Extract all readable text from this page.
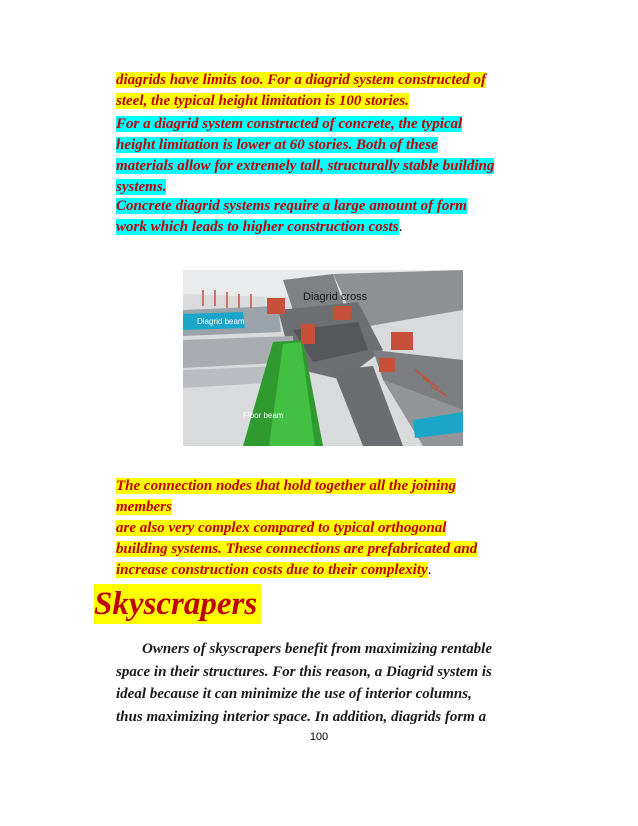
diagrids have limits too. For a diagrid system constructed of
steel, the typical height limitation is 100 stories.
For a diagrid system constructed of concrete, the typical
height limitation is lower at 60 stories. Both of these
materials allow for extremely tall, structurally stable building
systems.
Concrete diagrid systems require a large amount of form
work which leads to higher construction costs.
Diagrid cross
Diagrid beam
Floor beam
The connection nodes that hold together all the joining
members
are also very complex compared to typical orthogonal
building systems. These connections are prefabricated and
increase construction costs due to their complexity.
Skyscrapers
Owners of skyscrapers benefit from maximizing rentable
space in their structures. For this reason, a Diagrid system is
ideal because it can minimize the use of interior columns,
thus maximizing interior space. In addition, diagrids form a
100
